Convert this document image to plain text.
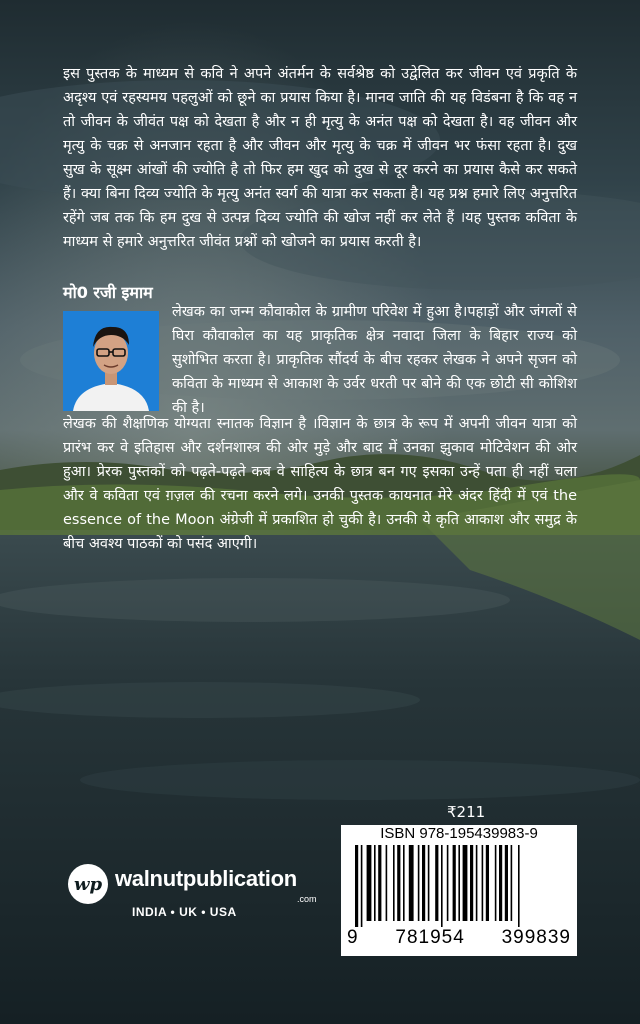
इस पुस्तक के माध्यम से कवि ने अपने अंतर्मन के सर्वश्रेष्ठ को उद्वेलित कर जीवन एवं प्रकृति के अदृश्य एवं रहस्यमय पहलुओं को छूने का प्रयास किया है। मानव जाति की यह विडंबना है कि वह न तो जीवन के जीवंत पक्ष को देखता है और न ही मृत्यु के अनंत पक्ष को देखता है। वह जीवन और मृत्यु के चक्र से अनजान रहता है और जीवन और मृत्यु के चक्र में जीवन भर फंसा रहता है। दुख सुख के सूक्ष्म आंखों की ज्योति है तो फिर हम खुद को दुख से दूर करने का प्रयास कैसे कर सकते हैं। क्या बिना दिव्य ज्योति के मृत्यु अनंत स्वर्ग की यात्रा कर सकता है। यह प्रश्न हमारे लिए अनुत्तरित रहेंगे जब तक कि हम दुख से उत्पन्न दिव्य ज्योति की खोज नहीं कर लेते हैं ।यह पुस्तक कविता के माध्यम से हमारे अनुत्तरित जीवंत प्रश्नों को खोजने का प्रयास करती है।
मो0 रजी इमाम
लेखक का जन्म कौवाकोल के ग्रामीण परिवेश में हुआ है।पहाड़ों और जंगलों से घिरा कौवाकोल का यह प्राकृतिक क्षेत्र नवादा जिला के बिहार राज्य को सुशोभित करता है। प्राकृतिक सौंदर्य के बीच रहकर लेखक ने अपने सृजन को कविता के माध्यम से आकाश के उर्वर धरती पर बोने की एक छोटी सी कोशिश की है।
लेखक की शैक्षणिक योग्यता स्नातक विज्ञान है ।विज्ञान के छात्र के रूप में अपनी जीवन यात्रा को प्रारंभ कर वे इतिहास और दर्शनशास्त्र की ओर मुड़े और बाद में उनका झुकाव मोटिवेशन की ओर हुआ। प्रेरक पुस्तकों को पढ़ते-पढ़ते कब वे साहित्य के छात्र बन गए इसका उन्हें पता ही नहीं चला और वे कविता एवं ग़ज़ल की रचना करने लगे। उनकी पुस्तक कायनात मेरे अंदर हिंदी में एवं the essence of the Moon अंग्रेजी में प्रकाशित हो चुकी है। उनकी ये कृति आकाश और समुद्र के बीच अवश्य पाठकों को पसंद आएगी।
₹211
ISBN 978-195439983-9
9 781954 399839
wp walnutpublication
.com
INDIA • UK • USA
